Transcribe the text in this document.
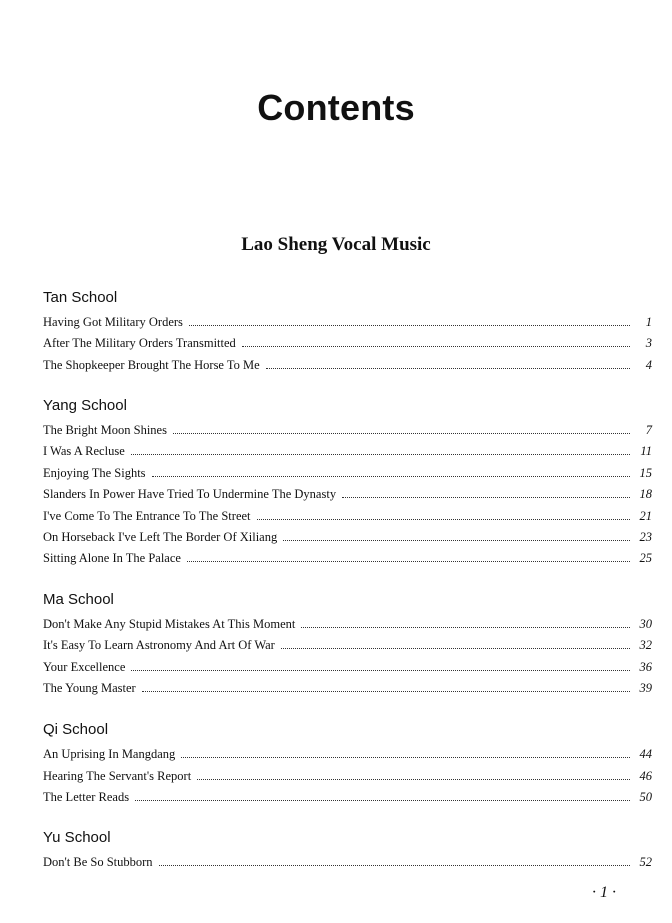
Contents
Lao Sheng Vocal Music
Tan School
Having Got Military Orders	1
After The Military Orders Transmitted	3
The Shopkeeper Brought The Horse To Me	4
Yang School
The Bright Moon Shines	7
I Was A Recluse	11
Enjoying The Sights	15
Slanders In Power Have Tried To Undermine The Dynasty	18
I've Come To The Entrance To The Street	21
On Horseback I've Left The Border Of Xiliang	23
Sitting Alone In The Palace	25
Ma School
Don't Make Any Stupid Mistakes At This Moment	30
It's Easy To Learn Astronomy And Art Of War	32
Your Excellence	36
The Young Master	39
Qi School
An Uprising In Mangdang	44
Hearing The Servant's Report	46
The Letter Reads	50
Yu School
Don't Be So Stubborn	52
· 1 ·
